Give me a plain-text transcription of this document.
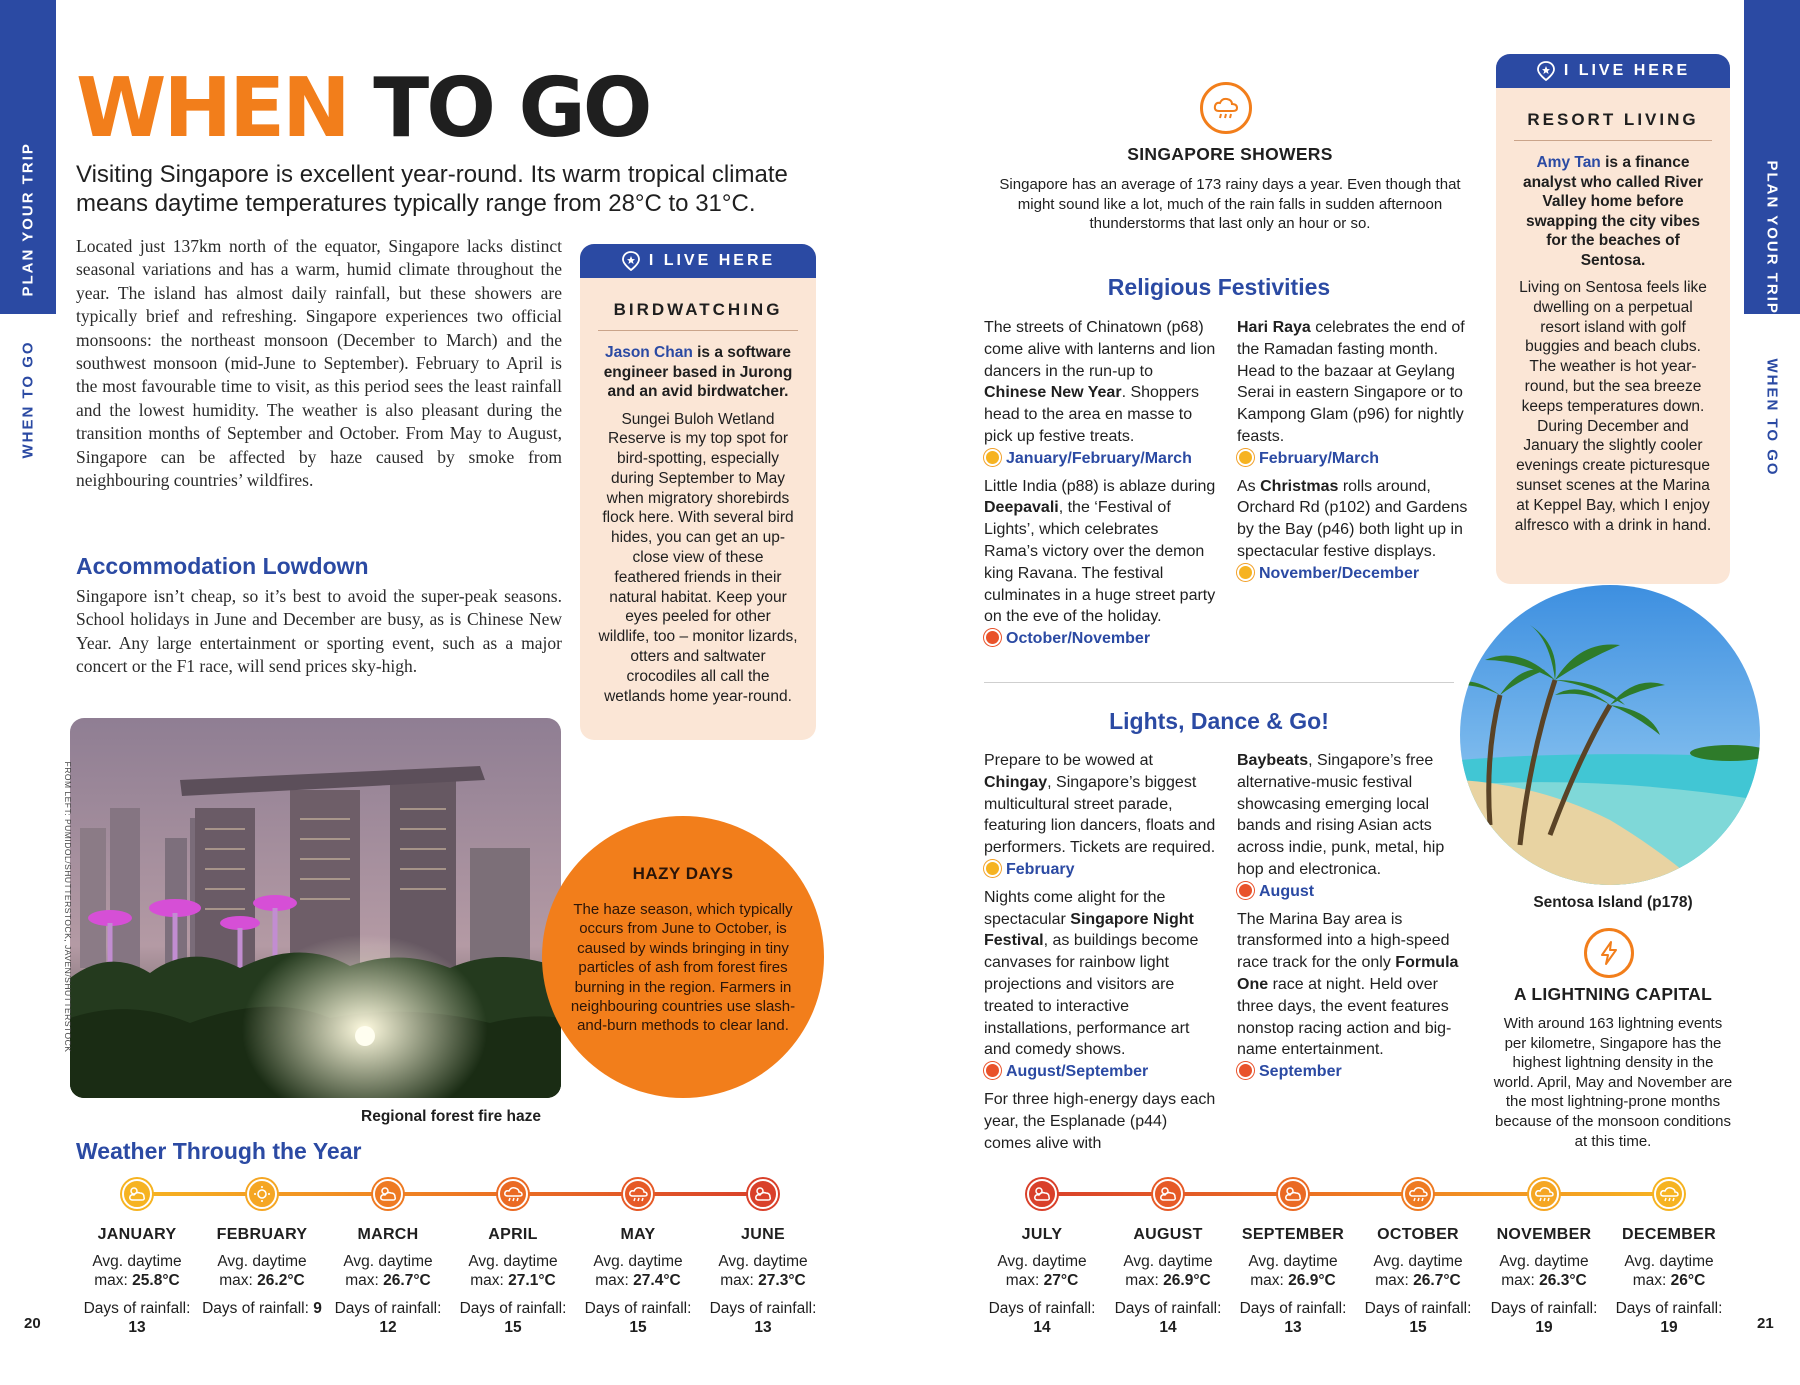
PLAN YOUR TRIP
WHEN TO GO
PLAN YOUR TRIP
WHEN TO GO
WHEN TO GO
Visiting Singapore is excellent year-round. Its warm tropical climate means daytime temperatures typically range from 28°C to 31°C.
Located just 137km north of the equator, Singapore lacks distinct seasonal variations and has a warm, humid climate throughout the year. The island has almost daily rainfall, but these showers are typically brief and refreshing. Singapore experiences two official monsoons: the northeast monsoon (December to March) and the southwest monsoon (mid-June to September). February to April is the most favourable time to visit, as this period sees the least rainfall and the lowest humidity. The weather is also pleasant during the transition months of September and October. From May to August, Singapore can be affected by haze caused by smoke from neighbouring countries’ wildfires.
Accommodation Lowdown
Singapore isn’t cheap, so it’s best to avoid the super-peak seasons. School holidays in June and December are busy, as is Chinese New Year. Any large entertainment or sporting event, such as a major concert or the F1 race, will send prices sky-high.
I LIVE HERE
BIRDWATCHING
Jason Chan is a software engineer based in Jurong and an avid birdwatcher.
Sungei Buloh Wetland Reserve is my top spot for bird-spotting, especially during September to May when migratory shorebirds flock here. With several bird hides, you can get an up-close view of these feathered friends in their natural habitat. Keep your eyes peeled for other wildlife, too – monitor lizards, otters and saltwater crocodiles all call the wetlands home year-round.
FROM LEFT: PUMIDOL/SHUTTERSTOCK, JAVEN/SHUTTERSTOCK
Regional forest fire haze
HAZY DAYS
The haze season, which typically occurs from June to October, is caused by winds bringing in tiny particles of ash from forest fires burning in the region. Farmers in neighbouring countries use slash-and-burn methods to clear land.
SINGAPORE SHOWERS
Singapore has an average of 173 rainy days a year. Even though that might sound like a lot, much of the rain falls in sudden afternoon thunderstorms that last only an hour or so.
Religious Festivities
The streets of Chinatown (p68) come alive with lanterns and lion dancers in the run-up to Chinese New Year. Shoppers head to the area en masse to pick up festive treats.
January/February/March
Little India (p88) is ablaze during Deepavali, the ‘Festival of Lights’, which celebrates Rama’s victory over the demon king Ravana. The festival culminates in a huge street party on the eve of the holiday.
October/November
Hari Raya celebrates the end of the Ramadan fasting month. Head to the bazaar at Geylang Serai in eastern Singapore or to Kampong Glam (p96) for nightly feasts.
February/March
As Christmas rolls around, Orchard Rd (p102) and Gardens by the Bay (p46) both light up in spectacular festive displays.
November/December
Lights, Dance & Go!
Prepare to be wowed at Chingay, Singapore’s biggest multicultural street parade, featuring lion dancers, floats and performers. Tickets are required. February
Nights come alight for the spectacular Singapore Night Festival, as buildings become canvases for rainbow light projections and visitors are treated to interactive installations, performance art and comedy shows.
August/September
For three high-energy days each year, the Esplanade (p44) comes alive with
Baybeats, Singapore’s free alternative-music festival showcasing emerging local bands and rising Asian acts across indie, punk, metal, hip hop and electronica.
August
The Marina Bay area is transformed into a high-speed race track for the only Formula One race at night. Held over three days, the event features nonstop racing action and big-name entertainment.
September
I LIVE HERE
RESORT LIVING
Amy Tan is a finance analyst who called River Valley home before swapping the city vibes for the beaches of Sentosa.
Living on Sentosa feels like dwelling on a perpetual resort island with golf buggies and beach clubs. The weather is hot year-round, but the sea breeze keeps temperatures down. During December and January the slightly cooler evenings create picturesque sunset scenes at the Marina at Keppel Bay, which I enjoy alfresco with a drink in hand.
Sentosa Island (p178)
A LIGHTNING CAPITAL
With around 163 lightning events per kilometre, Singapore has the highest lightning density in the world. April, May and November are the most lightning-prone months because of the monsoon conditions at this time.
Weather Through the Year
JANUARY
Avg. daytime max: 25.8°C
Days of rainfall: 13
FEBRUARY
Avg. daytime max: 26.2°C
Days of rainfall: 9
MARCH
Avg. daytime max: 26.7°C
Days of rainfall: 12
APRIL
Avg. daytime max: 27.1°C
Days of rainfall: 15
MAY
Avg. daytime max: 27.4°C
Days of rainfall: 15
JUNE
Avg. daytime max: 27.3°C
Days of rainfall: 13
JULY
Avg. daytime max: 27°C
Days of rainfall: 14
AUGUST
Avg. daytime max: 26.9°C
Days of rainfall: 14
SEPTEMBER
Avg. daytime max: 26.9°C
Days of rainfall: 13
OCTOBER
Avg. daytime max: 26.7°C
Days of rainfall: 15
NOVEMBER
Avg. daytime max: 26.3°C
Days of rainfall: 19
DECEMBER
Avg. daytime max: 26°C
Days of rainfall: 19
20	21
